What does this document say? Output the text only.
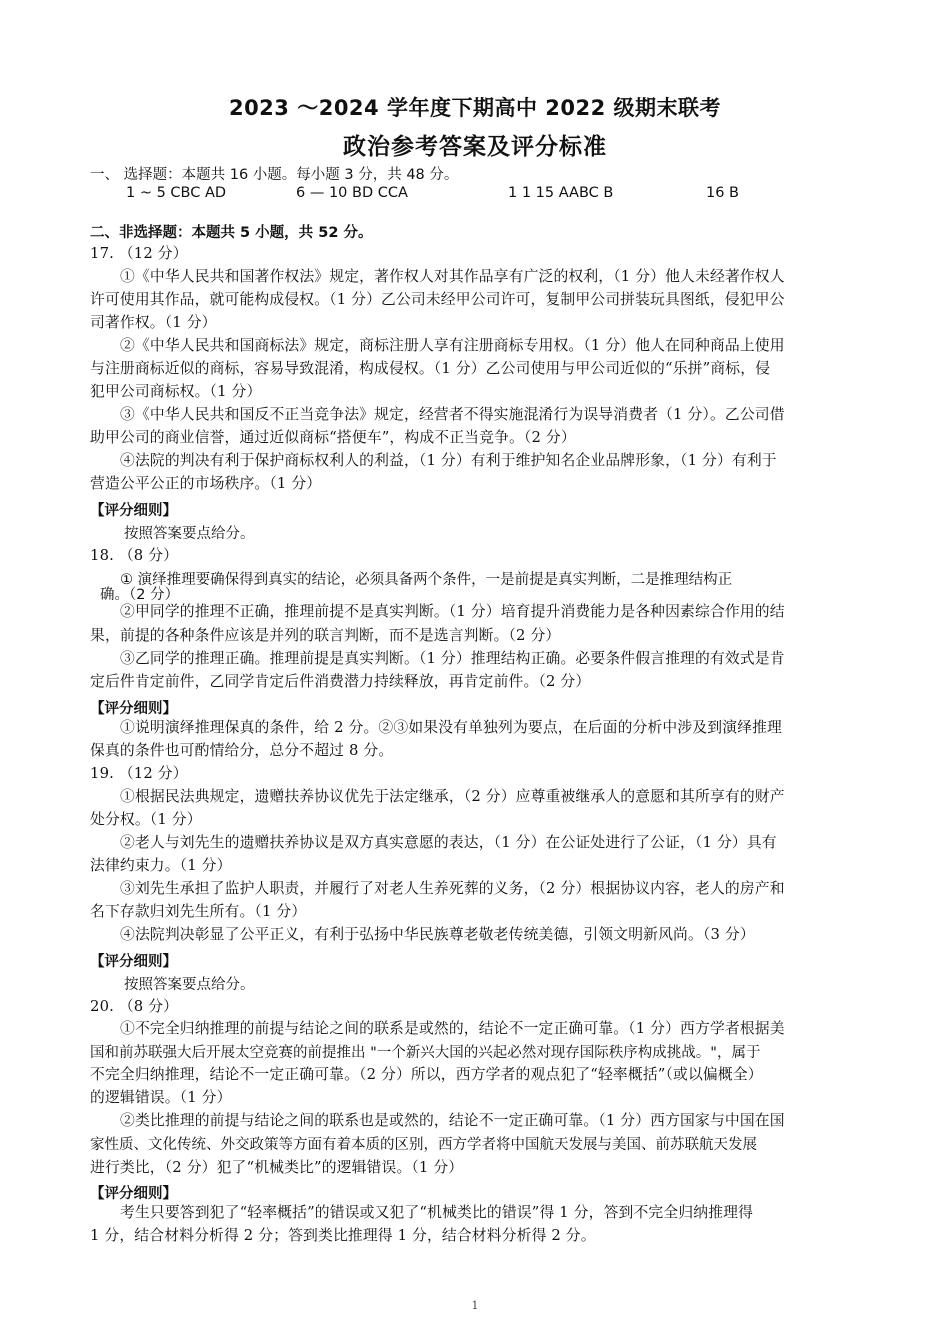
2023 ～2024 学年度下期高中 2022 级期末联考
政治参考答案及评分标准
一、 选择题：本题共 16 小题。每小题 3 分，共 48 分。
1 ~ 5 CBC AD	6 — 10 BD CCA	1 1 15 AABC B	16 B
二、非选择题：本题共 5 小题，共 52 分。
17. （12 分）
①《中华人民共和国著作权法》规定，著作权人对其作品享有广泛的权利，（1 分）他人未经著作权人
许可使用其作品，就可能构成侵权。（1 分）乙公司未经甲公司许可，复制甲公司拼装玩具图纸，侵犯甲公
司著作权。（1 分）
②《中华人民共和国商标法》规定，商标注册人享有注册商标专用权。（1 分）他人在同种商品上使用
与注册商标近似的商标，容易导致混淆，构成侵权。（1 分）乙公司使用与甲公司近似的“乐拼”商标，侵
犯甲公司商标权。（1 分）
③《中华人民共和国反不正当竞争法》规定，经营者不得实施混淆行为误导消费者（1 分）。乙公司借
助甲公司的商业信誉，通过近似商标“搭便车”，构成不正当竞争。（2 分）
④法院的判决有利于保护商标权利人的利益，（1 分）有利于维护知名企业品牌形象，（1 分）有利于
营造公平公正的市场秩序。（1 分）
【评分细则】
按照答案要点给分。
18. （8 分）
① 演绎推理要确保得到真实的结论，必须具备两个条件，一是前提是真实判断，二是推理结构正
确。（2 分）
②甲同学的推理不正确，推理前提不是真实判断。（1 分）培育提升消费能力是各种因素综合作用的结
果，前提的各种条件应该是并列的联言判断，而不是选言判断。（2 分）
③乙同学的推理正确。推理前提是真实判断。（1 分）推理结构正确。必要条件假言推理的有效式是肯
定后件肯定前件，乙同学肯定后件消费潜力持续释放，再肯定前件。（2 分）
【评分细则】
①说明演绎推理保真的条件，给 2 分。②③如果没有单独列为要点，在后面的分析中涉及到演绎推理
保真的条件也可酌情给分，总分不超过 8 分。
19. （12 分）
①根据民法典规定，遗赠扶养协议优先于法定继承，（2 分）应尊重被继承人的意愿和其所享有的财产
处分权。（1 分）
②老人与刘先生的遗赠扶养协议是双方真实意愿的表达，（1 分）在公证处进行了公证，（1 分）具有
法律约束力。（1 分）
③刘先生承担了监护人职责，并履行了对老人生养死葬的义务，（2 分）根据协议内容，老人的房产和
名下存款归刘先生所有。（1 分）
④法院判决彰显了公平正义，有利于弘扬中华民族尊老敬老传统美德，引领文明新风尚。（3 分）
【评分细则】
按照答案要点给分。
20. （8 分）
①不完全归纳推理的前提与结论之间的联系是或然的，结论不一定正确可靠。（1 分）西方学者根据美
国和前苏联强大后开展太空竞赛的前提推出 "一个新兴大国的兴起必然对现存国际秩序构成挑战。"，属于
不完全归纳推理，结论不一定正确可靠。（2 分）所以，西方学者的观点犯了“轻率概括”（或以偏概全）
的逻辑错误。（1 分）
②类比推理的前提与结论之间的联系也是或然的，结论不一定正确可靠。（1 分）西方国家与中国在国
家性质、文化传统、外交政策等方面有着本质的区别，西方学者将中国航天发展与美国、前苏联航天发展
进行类比，（2 分）犯了“机械类比”的逻辑错误。（1 分）
【评分细则】
考生只要答到犯了“轻率概括”的错误或又犯了“机械类比的错误”得 1 分，答到不完全归纳推理得
1 分，结合材料分析得 2 分；答到类比推理得 1 分，结合材料分析得 2 分。
1
